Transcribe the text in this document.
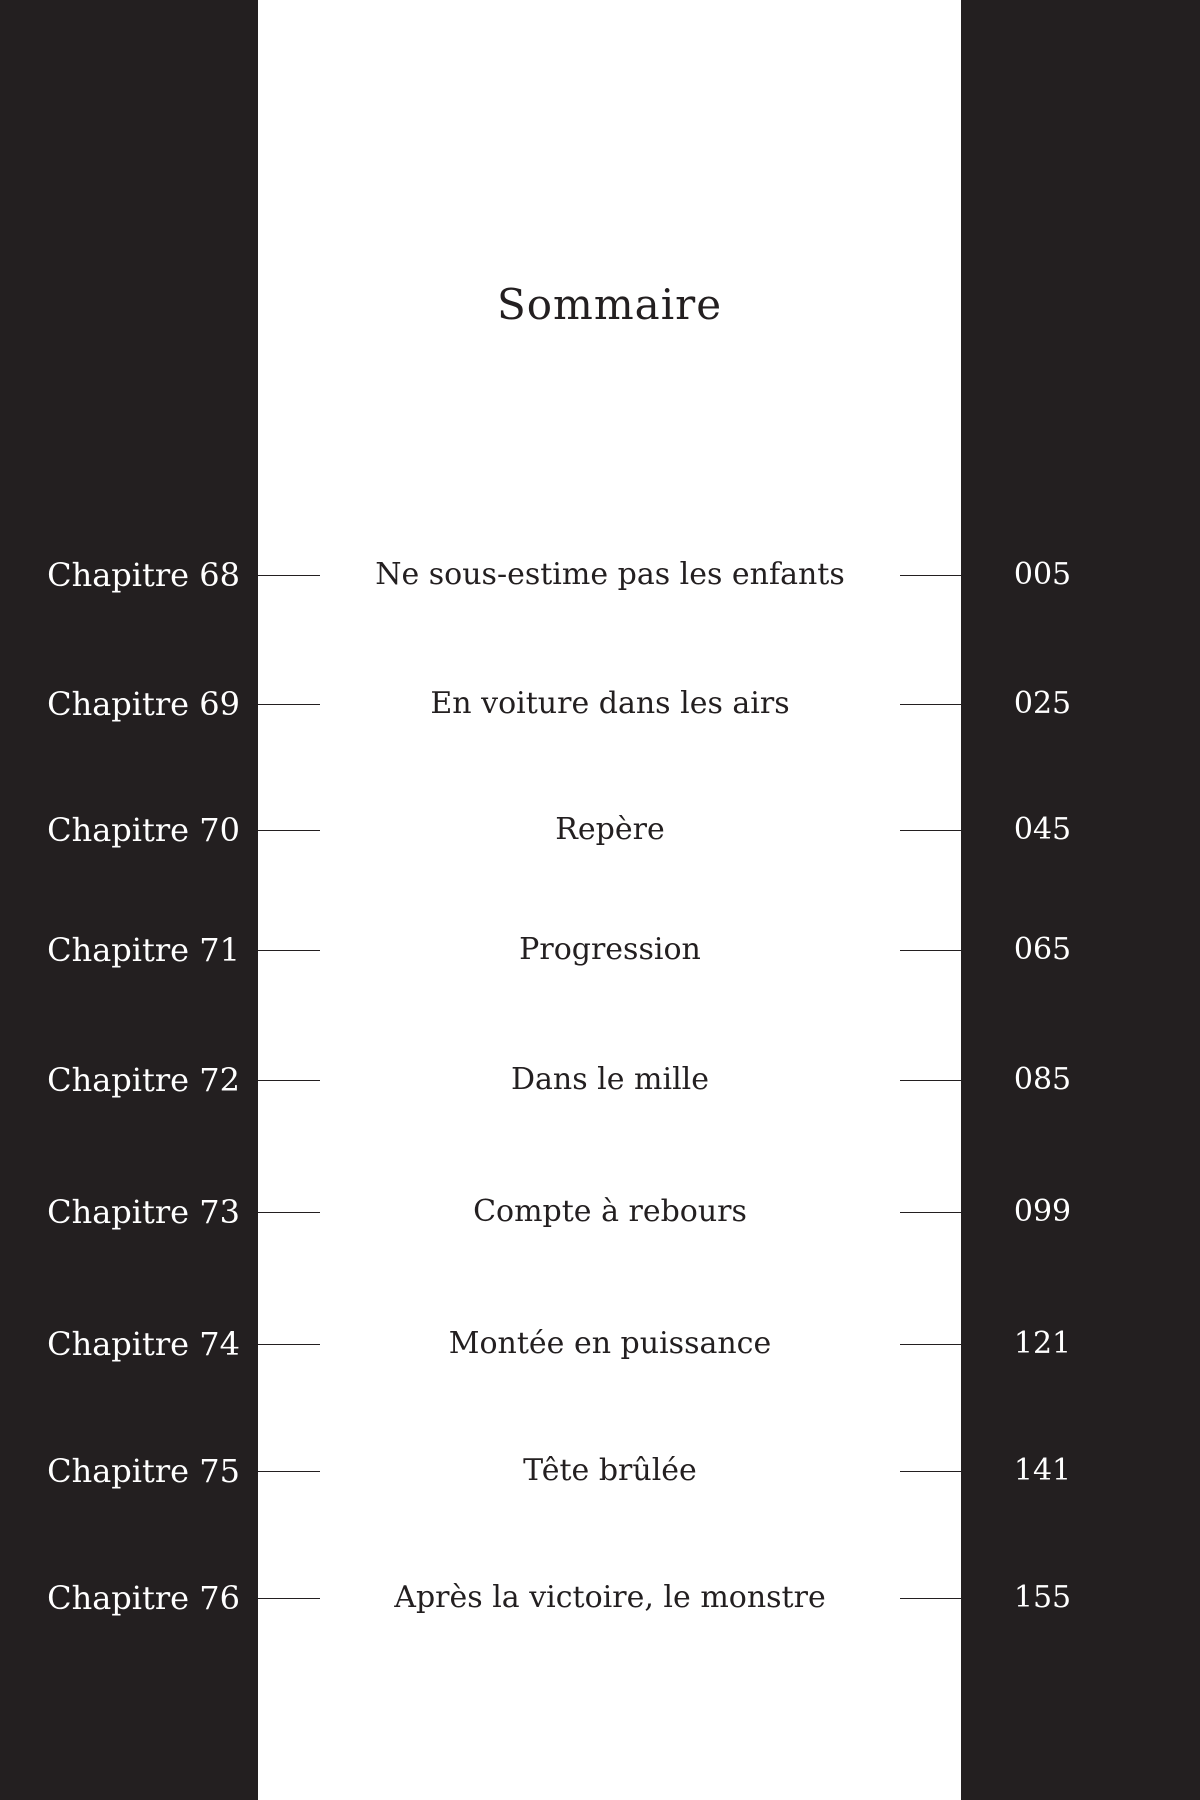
Sommaire
Chapitre 68	Ne sous-estime pas les enfants	005
Chapitre 69	En voiture dans les airs	025
Chapitre 70	Repère	045
Chapitre 71	Progression	065
Chapitre 72	Dans le mille	085
Chapitre 73	Compte à rebours	099
Chapitre 74	Montée en puissance	121
Chapitre 75	Tête brûlée	141
Chapitre 76	Après la victoire, le monstre	155
